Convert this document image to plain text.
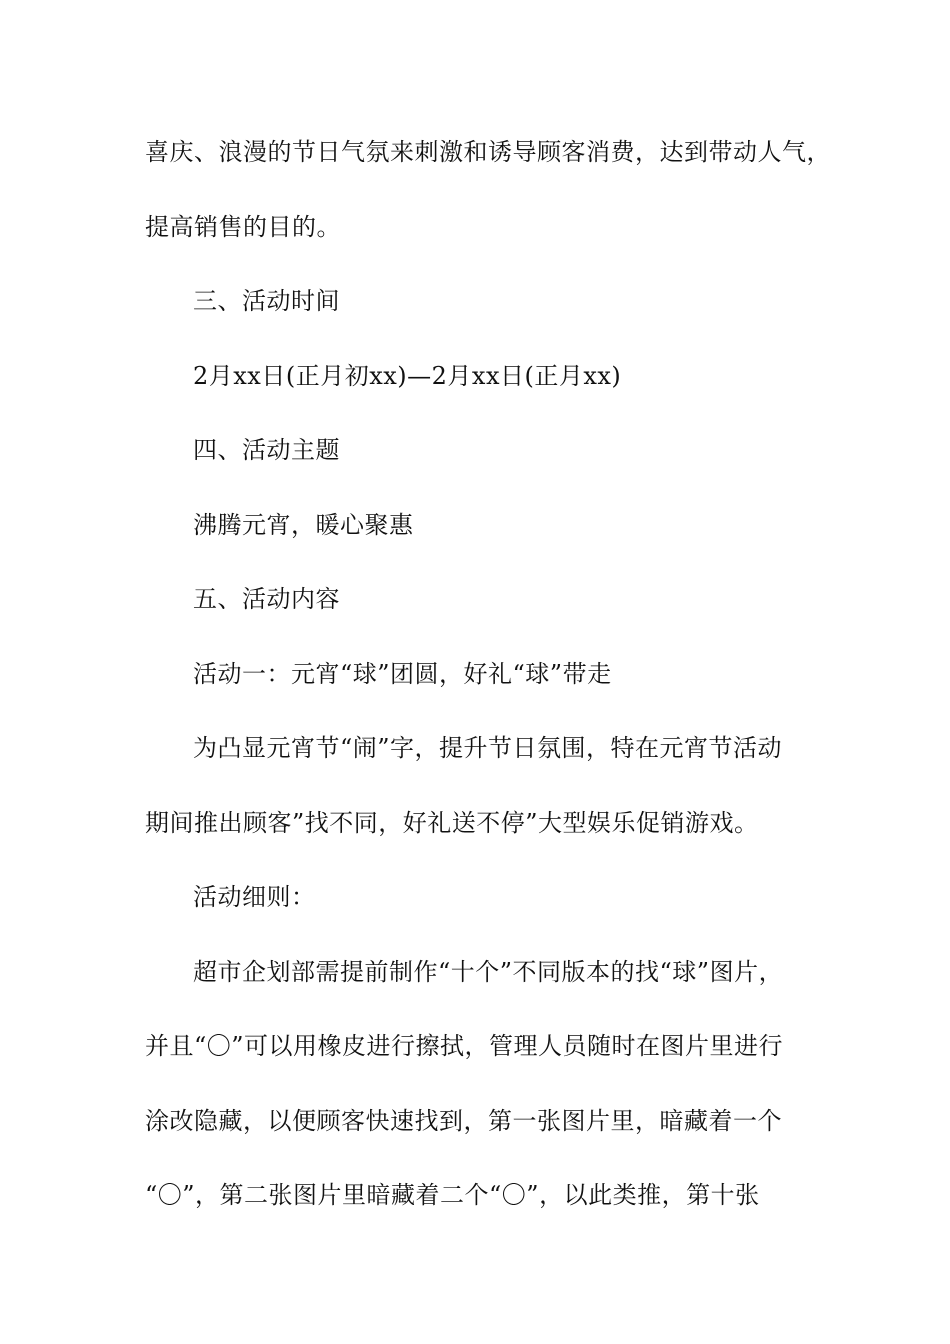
喜庆、浪漫的节日气氛来刺激和诱导顾客消费，达到带动人气，
提高销售的目的。
三、活动时间
2月xx日(正月初xx)—2月xx日(正月xx)
四、活动主题
沸腾元宵，暖心聚惠
五、活动内容
活动一：元宵“球”团圆，好礼“球”带走
为凸显元宵节“闹”字，提升节日氛围，特在元宵节活动
期间推出顾客”找不同，好礼送不停”大型娱乐促销游戏。
活动细则：
超市企划部需提前制作“十个”不同版本的找“球”图片，
并且“〇”可以用橡皮进行擦拭，管理人员随时在图片里进行
涂改隐藏，以便顾客快速找到，第一张图片里，暗藏着一个
“〇”，第二张图片里暗藏着二个“〇”，以此类推，第十张
